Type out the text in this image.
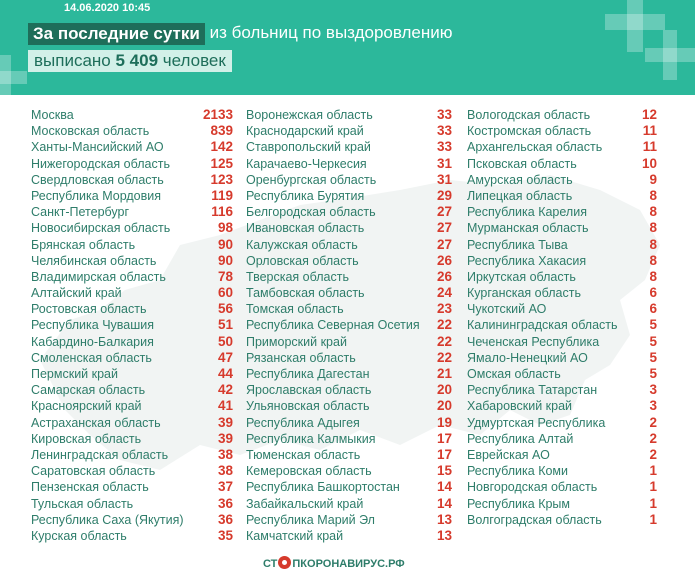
14.06.2020 10:45
За последние сутки из больниц по выздоровлению
выписано 5 409 человек
Москва	2133
Московская область	839
Ханты-Мансийский АО	142
Нижегородская область	125
Свердловская область	123
Республика Мордовия	119
Санкт-Петербург	116
Новосибирская область	98
Брянская область	90
Челябинская область	90
Владимирская область	78
Алтайский край	60
Ростовская область	56
Республика Чувашия	51
Кабардино-Балкария	50
Смоленская область	47
Пермский край	44
Самарская область	42
Красноярский край	41
Астраханская область	39
Кировская область	39
Ленинградская область	38
Саратовская область	38
Пензенская область	37
Тульская область	36
Республика Саха (Якутия)	36
Курская область	35
Воронежская область	33
Краснодарский край	33
Ставропольский край	33
Карачаево-Черкесия	31
Оренбургская область	31
Республика Бурятия	29
Белгородская область	27
Ивановская область	27
Калужская область	27
Орловская область	26
Тверская область	26
Тамбовская область	24
Томская область	23
Республика Северная Осетия 22
Приморский край	22
Рязанская область	22
Республика Дагестан	21
Ярославская область	20
Ульяновская область	20
Республика Адыгея	19
Республика Калмыкия	17
Тюменская область	17
Кемеровская область	15
Республика Башкортостан	14
Забайкальский край	14
Республика Марий Эл	13
Камчатский край	13
Вологодская область	12
Костромская область	11
Архангельская область	11
Псковская область	10
Амурская область	9
Липецкая область	8
Республика Карелия	8
Мурманская область	8
Республика Тыва	8
Республика Хакасия	8
Иркутская область	8
Курганская область	6
Чукотский АО	6
Калининградская область 5
Чеченская Республика	5
Ямало-Ненецкий АО	5
Омская область	5
Республика Татарстан	3
Хабаровский край	3
Удмуртская Республика	2
Республика Алтай	2
Еврейская АО	2
Республика Коми	1
Новгородская область	1
Республика Крым	1
Волгоградская область	1
СТ ПКОРОНАВИРУС.РФ
